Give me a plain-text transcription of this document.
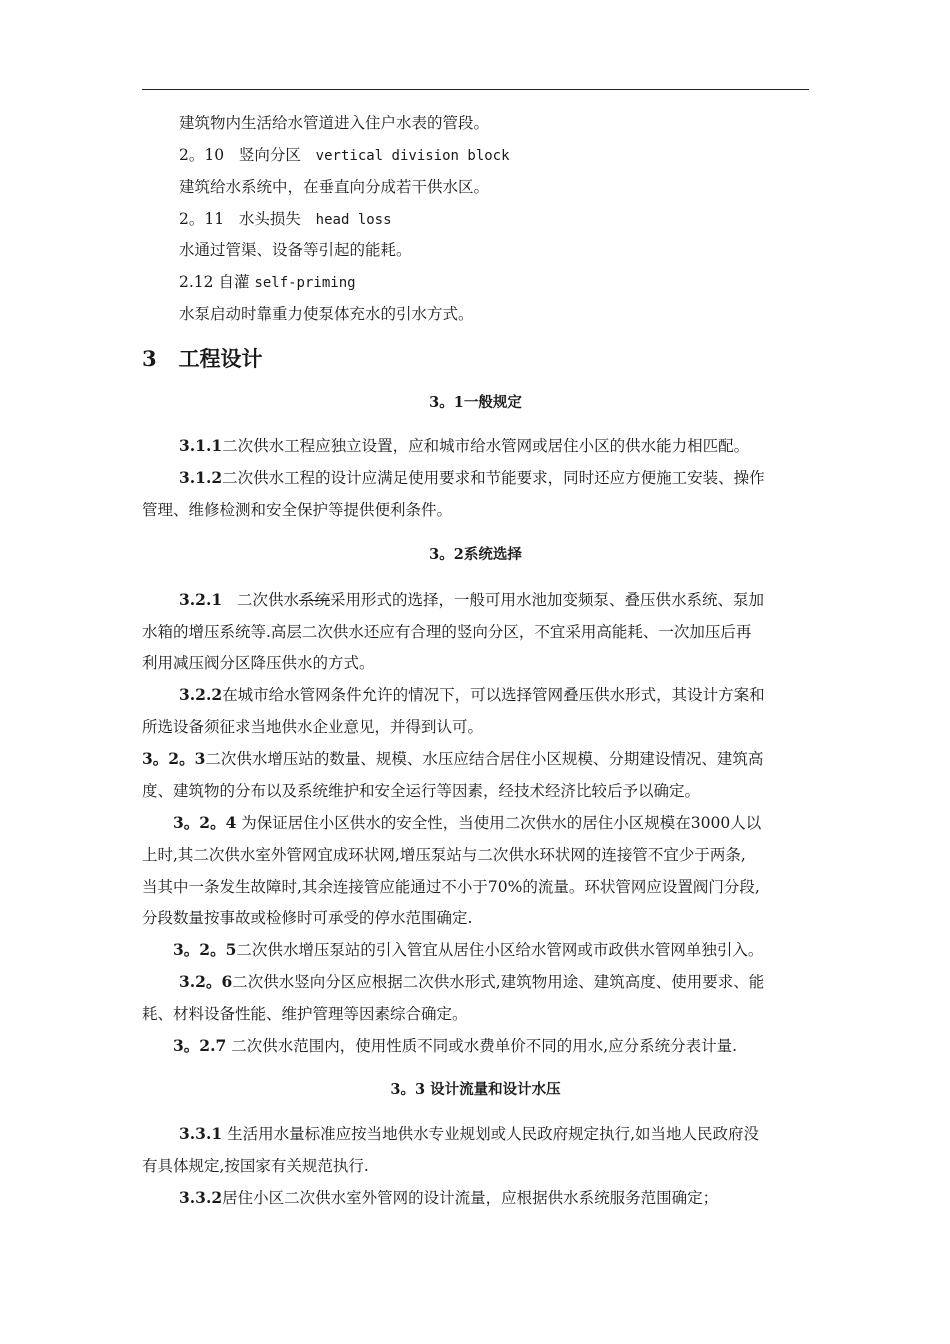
建筑物内生活给水管道进入住户水表的管段。
2。10 竖向分区 vertical division block
建筑给水系统中，在垂直向分成若干供水区。
2。11 水头损失 head loss
水通过管渠、设备等引起的能耗。
2.12 自灌 self-priming
水泵启动时靠重力使泵体充水的引水方式。
3 工程设计
3。1一般规定
3.1.1二次供水工程应独立设置，应和城市给水管网或居住小区的供水能力相匹配。
3.1.2二次供水工程的设计应满足使用要求和节能要求，同时还应方便施工安装、操作
管理、维修检测和安全保护等提供便利条件。
3。2系统选择
3.2.1 二次供水系统采用形式的选择，一般可用水池加变频泵、叠压供水系统、泵加
水箱的增压系统等.高层二次供水还应有合理的竖向分区，不宜采用高能耗、一次加压后再
利用减压阀分区降压供水的方式。
3.2.2在城市给水管网条件允许的情况下，可以选择管网叠压供水形式，其设计方案和
所选设备须征求当地供水企业意见，并得到认可。
3。2。3二次供水增压站的数量、规模、水压应结合居住小区规模、分期建设情况、建筑高
度、建筑物的分布以及系统维护和安全运行等因素，经技术经济比较后予以确定。
3。2。4 为保证居住小区供水的安全性，当使用二次供水的居住小区规模在3000人以
上时,其二次供水室外管网宜成环状网,增压泵站与二次供水环状网的连接管不宜少于两条,
当其中一条发生故障时,其余连接管应能通过不小于70%的流量。环状管网应设置阀门分段,
分段数量按事故或检修时可承受的停水范围确定.
3。2。5二次供水增压泵站的引入管宜从居住小区给水管网或市政供水管网单独引入。
3.2。6二次供水竖向分区应根据二次供水形式,建筑物用途、建筑高度、使用要求、能
耗、材料设备性能、维护管理等因素综合确定。
3。2.7 二次供水范围内，使用性质不同或水费单价不同的用水,应分系统分表计量.
3。3 设计流量和设计水压
3.3.1 生活用水量标准应按当地供水专业规划或人民政府规定执行,如当地人民政府没
有具体规定,按国家有关规范执行.
3.3.2居住小区二次供水室外管网的设计流量，应根据供水系统服务范围确定；
